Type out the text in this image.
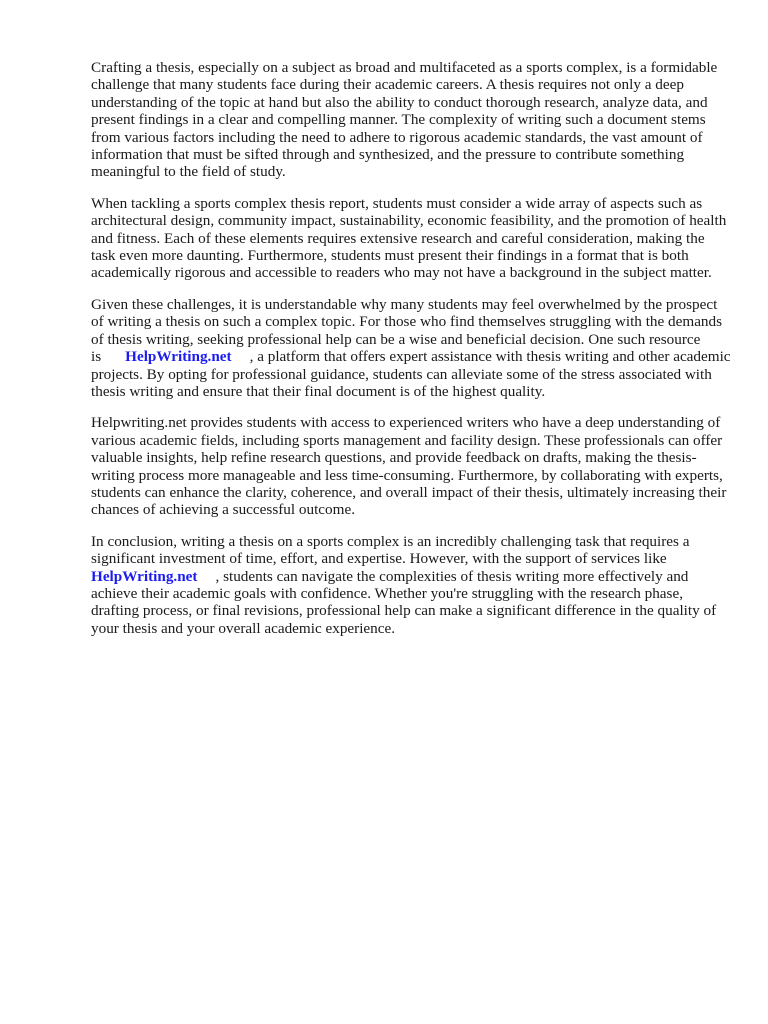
Crafting a thesis, especially on a subject as broad and multifaceted as a sports complex, is a formidable challenge that many students face during their academic careers. A thesis requires not only a deep understanding of the topic at hand but also the ability to conduct thorough research, analyze data, and present findings in a clear and compelling manner. The complexity of writing such a document stems from various factors including the need to adhere to rigorous academic standards, the vast amount of information that must be sifted through and synthesized, and the pressure to contribute something meaningful to the field of study.

When tackling a sports complex thesis report, students must consider a wide array of aspects such as architectural design, community impact, sustainability, economic feasibility, and the promotion of health and fitness. Each of these elements requires extensive research and careful consideration, making the task even more daunting. Furthermore, students must present their findings in a format that is both academically rigorous and accessible to readers who may not have a background in the subject matter.

Given these challenges, it is understandable why many students may feel overwhelmed by the prospect of writing a thesis on such a complex topic. For those who find themselves struggling with the demands of thesis writing, seeking professional help can be a wise and beneficial decision. One such resource is HelpWriting.net , a platform that offers expert assistance with thesis writing and other academic projects. By opting for professional guidance, students can alleviate some of the stress associated with thesis writing and ensure that their final document is of the highest quality.

Helpwriting.net provides students with access to experienced writers who have a deep understanding of various academic fields, including sports management and facility design. These professionals can offer valuable insights, help refine research questions, and provide feedback on drafts, making the thesis-writing process more manageable and less time-consuming. Furthermore, by collaborating with experts, students can enhance the clarity, coherence, and overall impact of their thesis, ultimately increasing their chances of achieving a successful outcome.

In conclusion, writing a thesis on a sports complex is an incredibly challenging task that requires a significant investment of time, effort, and expertise. However, with the support of services like
HelpWriting.net , students can navigate the complexities of thesis writing more effectively and achieve their academic goals with confidence. Whether you're struggling with the research phase, drafting process, or final revisions, professional help can make a significant difference in the quality of your thesis and your overall academic experience.
